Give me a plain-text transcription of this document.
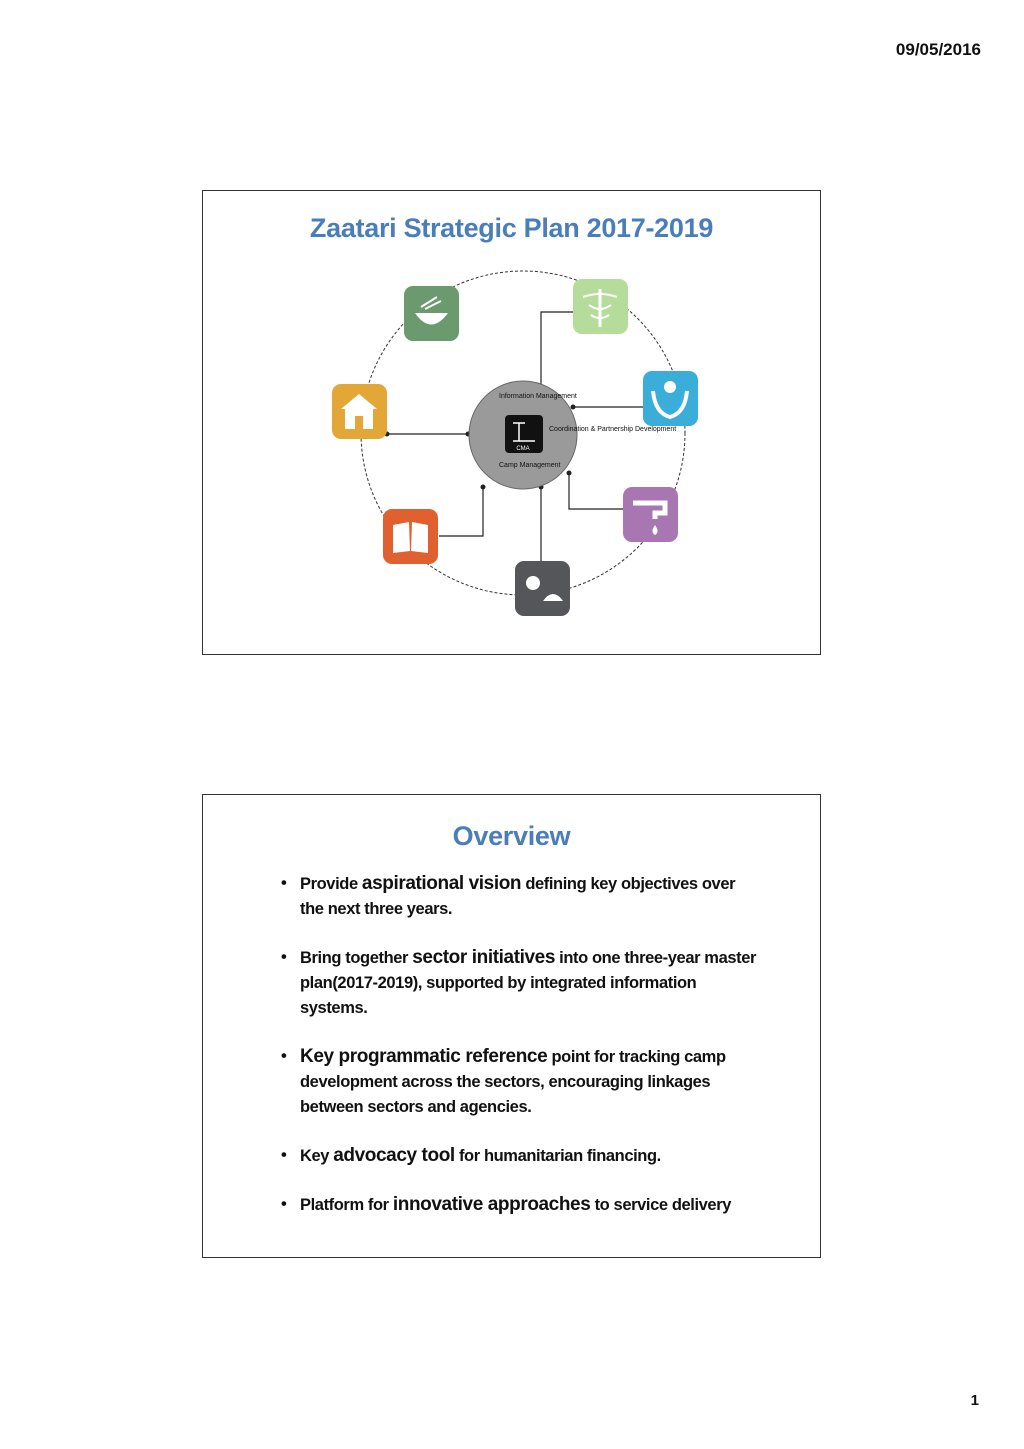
09/05/2016
Zaatari Strategic Plan 2017-2019
CMA
Information Management
Coordination & Partnership Development
Camp Management
Overview
• Provide aspirational vision defining key objectives over the next three years.
• Bring together sector initiatives into one three-year master plan(2017-2019), supported by integrated information systems.
• Key programmatic reference point for tracking camp development across the sectors, encouraging linkages between sectors and agencies.
• Key advocacy tool for humanitarian financing.
• Platform for innovative approaches to service delivery
1
